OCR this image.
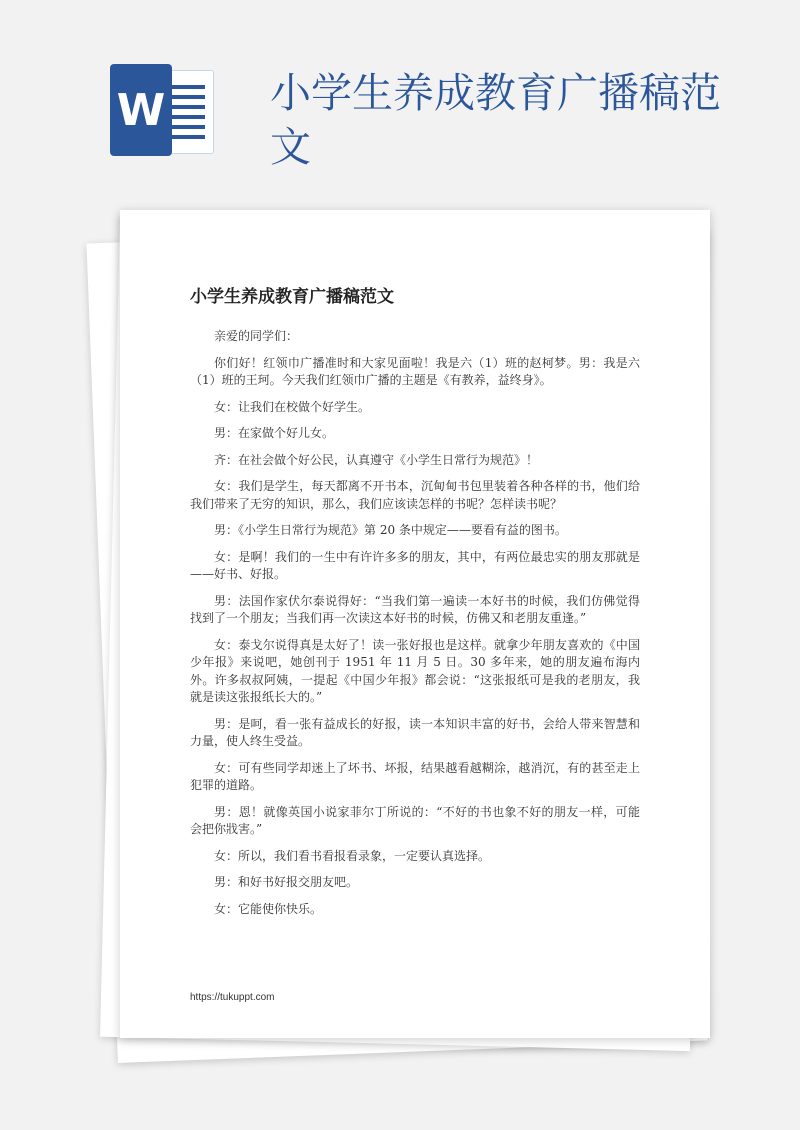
W	小学生养成教育广播稿范文
小学生养成教育广播稿范文

亲爱的同学们：

你们好！红领巾广播准时和大家见面啦！我是六（1）班的赵柯梦。男：我是六（1）班的王珂。今天我们红领巾广播的主题是《有教养，益终身》。

女：让我们在校做个好学生。

男：在家做个好儿女。

齐：在社会做个好公民，认真遵守《小学生日常行为规范》！

女：我们是学生，每天都离不开书本，沉甸甸书包里装着各种各样的书，他们给我们带来了无穷的知识，那么，我们应该读怎样的书呢？怎样读书呢？

男：《小学生日常行为规范》第 20 条中规定——要看有益的图书。

女：是啊！我们的一生中有许许多多的朋友，其中，有两位最忠实的朋友那就是——好书、好报。

男：法国作家伏尔泰说得好：“当我们第一遍读一本好书的时候，我们仿佛觉得找到了一个朋友；当我们再一次读这本好书的时候，仿佛又和老朋友重逢。”

女：泰戈尔说得真是太好了！读一张好报也是这样。就拿少年朋友喜欢的《中国少年报》来说吧，她创刊于 1951 年 11 月 5 日。30 多年来，她的朋友遍布海内外。许多叔叔阿姨，一提起《中国少年报》都会说：“这张报纸可是我的老朋友，我就是读这张报纸长大的。”

男：是呵，看一张有益成长的好报，读一本知识丰富的好书，会给人带来智慧和力量，使人终生受益。

女：可有些同学却迷上了坏书、坏报，结果越看越糊涂，越消沉，有的甚至走上犯罪的道路。

男：恩！就像英国小说家菲尔丁所说的：“不好的书也象不好的朋友一样，可能会把你戕害。”

女：所以，我们看书看报看录象，一定要认真选择。

男：和好书好报交朋友吧。

女：它能使你快乐。

https://tukuppt.com
